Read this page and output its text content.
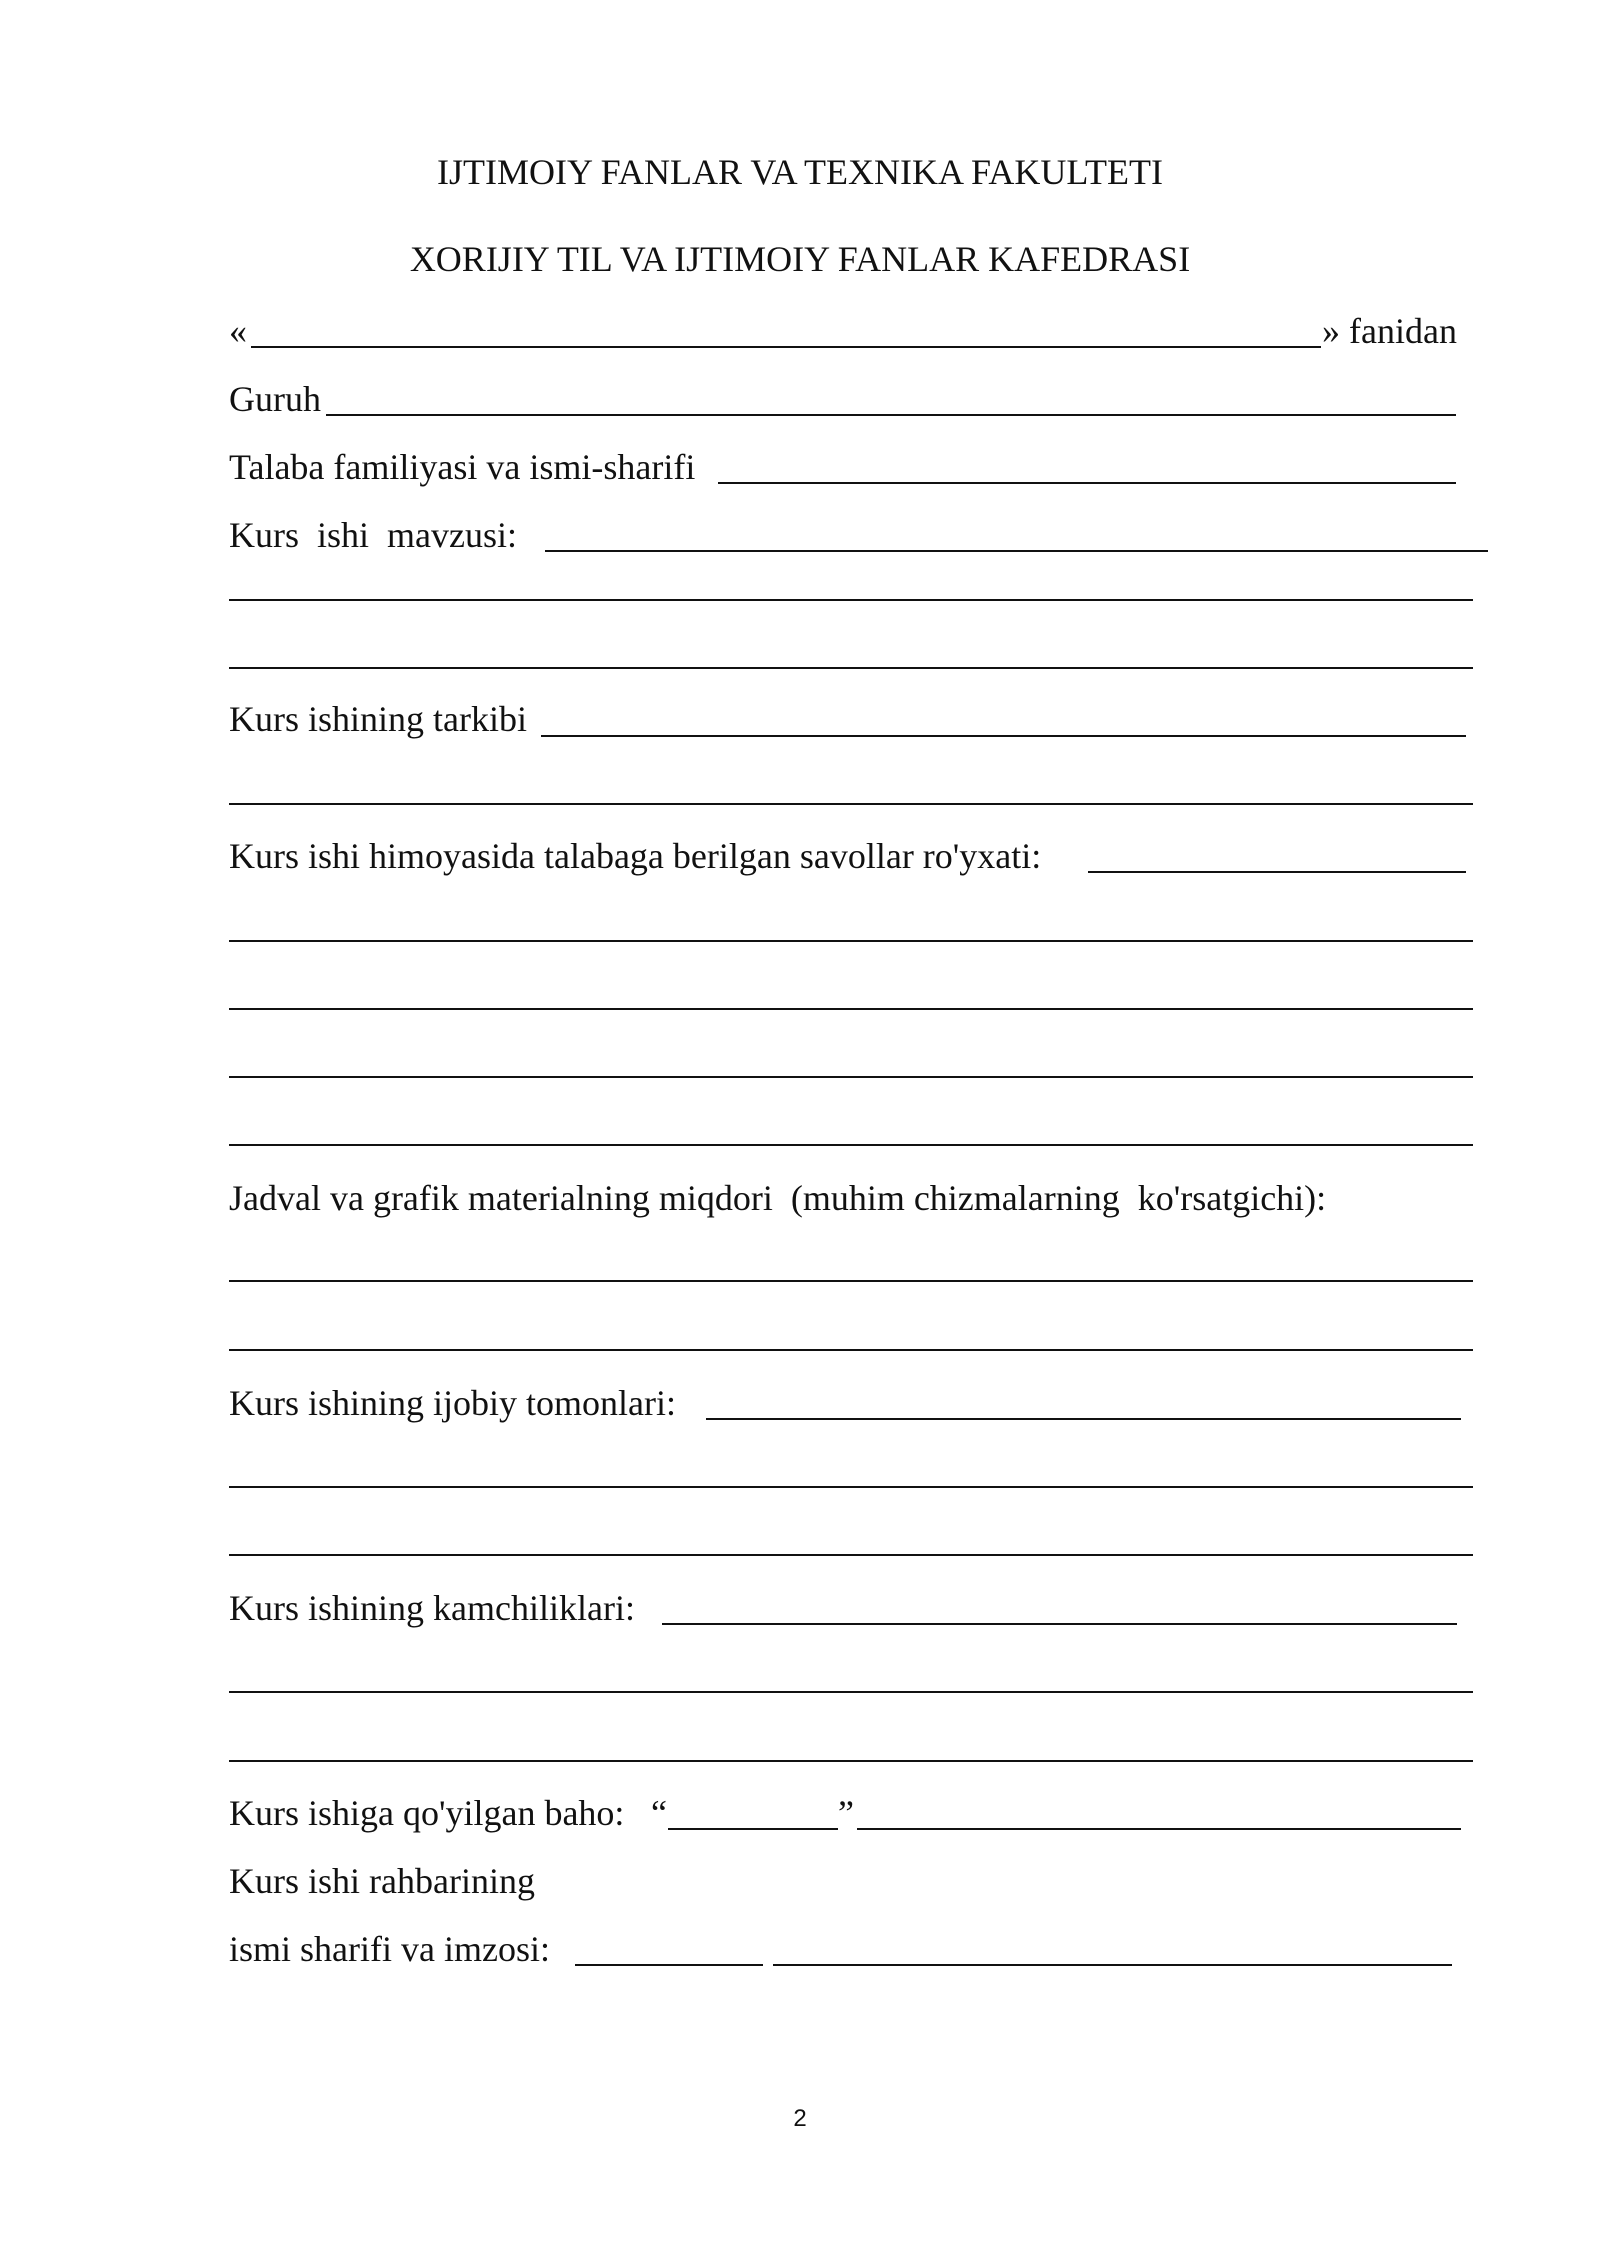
IJTIMOIY FANLAR VA TEXNIKA FAKULTETI
XORIJIY TIL VA IJTIMOIY FANLAR KAFEDRASI
«	» fanidan
Guruh
Talaba familiyasi va ismi-sharifi
Kurs  ishi  mavzusi:
Kurs ishining tarkibi
Kurs ishi himoyasida talabaga berilgan savollar ro'yxati:
Jadval va grafik materialning miqdori  (muhim chizmalarning  ko'rsatgichi):
Kurs ishining ijobiy tomonlari:
Kurs ishining kamchiliklari:
Kurs ishiga qo'yilgan baho: “	”
Kurs ishi rahbarining
ismi sharifi va imzosi:
2
